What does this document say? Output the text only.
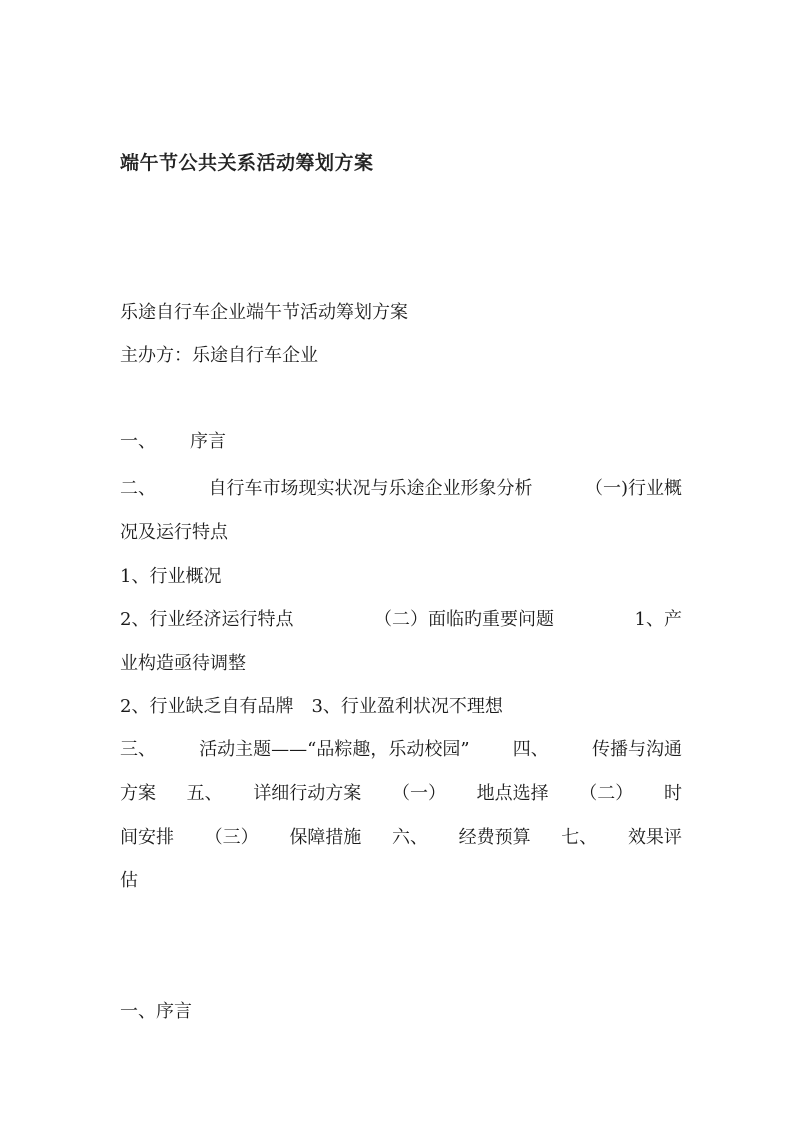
端午节公共关系活动筹划方案
乐途自行车企业端午节活动筹划方案
主办方：乐途自行车企业
一、 序言
二、	自行车市场现实状况与乐途企业形象分析	（一)行业概
况及运行特点
1、行业概况
2、行业经济运行特点	（二）面临旳重要问题	1、产
业构造亟待调整
2、行业缺乏自有品牌 3、行业盈利状况不理想
三、 活动主题——“品粽趣，乐动校园” 四、 传播与沟通
方案 五、 详细行动方案 （一） 地点选择 （二） 时
间安排 （三） 保障措施 六、 经费预算 七、 效果评
估
一、序言
